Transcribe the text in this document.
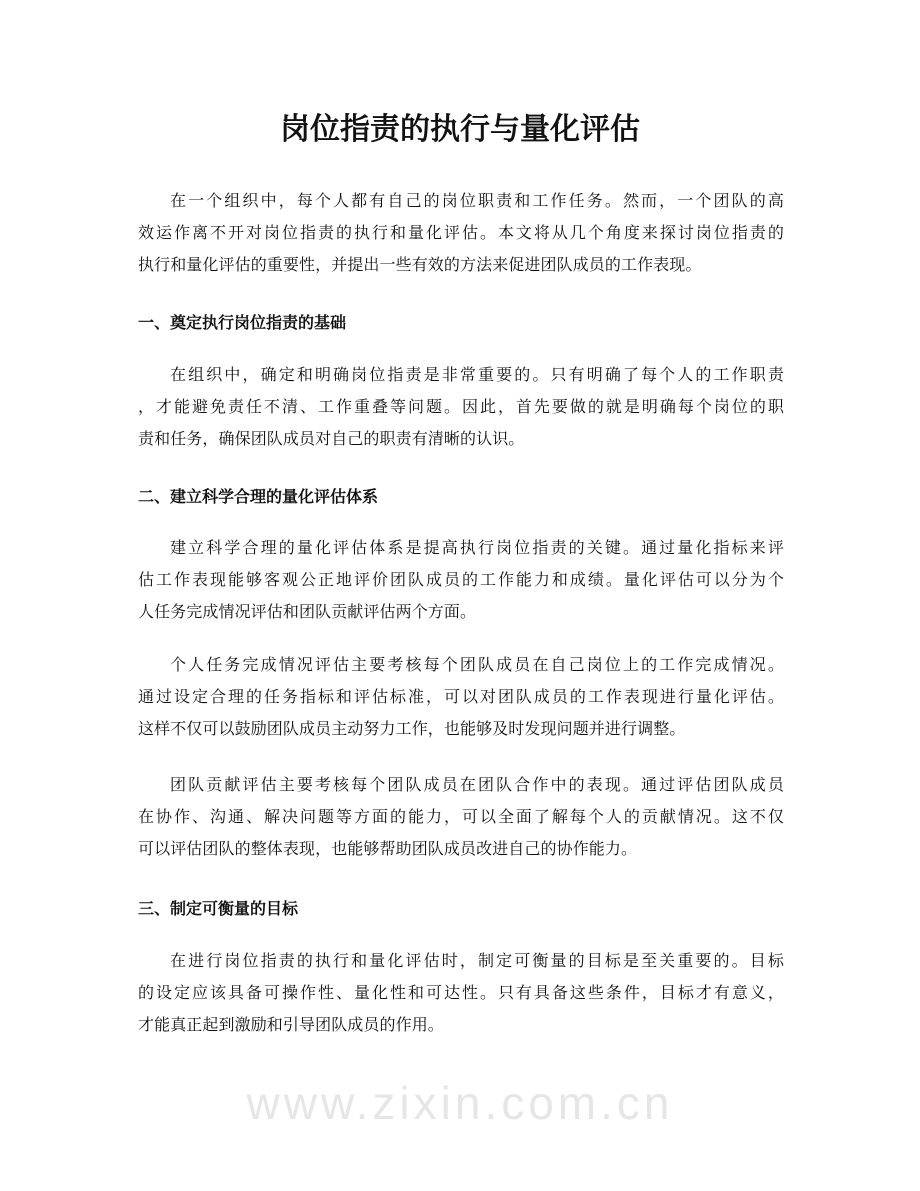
岗位指责的执行与量化评估
在一个组织中，每个人都有自己的岗位职责和工作任务。然而，一个团队的高
效运作离不开对岗位指责的执行和量化评估。本文将从几个角度来探讨岗位指责的
执行和量化评估的重要性，并提出一些有效的方法来促进团队成员的工作表现。
一、奠定执行岗位指责的基础
在组织中，确定和明确岗位指责是非常重要的。只有明确了每个人的工作职责
，才能避免责任不清、工作重叠等问题。因此，首先要做的就是明确每个岗位的职
责和任务，确保团队成员对自己的职责有清晰的认识。
二、建立科学合理的量化评估体系
建立科学合理的量化评估体系是提高执行岗位指责的关键。通过量化指标来评
估工作表现能够客观公正地评价团队成员的工作能力和成绩。量化评估可以分为个
人任务完成情况评估和团队贡献评估两个方面。
个人任务完成情况评估主要考核每个团队成员在自己岗位上的工作完成情况。
通过设定合理的任务指标和评估标准，可以对团队成员的工作表现进行量化评估。
这样不仅可以鼓励团队成员主动努力工作，也能够及时发现问题并进行调整。
团队贡献评估主要考核每个团队成员在团队合作中的表现。通过评估团队成员
在协作、沟通、解决问题等方面的能力，可以全面了解每个人的贡献情况。这不仅
可以评估团队的整体表现，也能够帮助团队成员改进自己的协作能力。
三、制定可衡量的目标
在进行岗位指责的执行和量化评估时，制定可衡量的目标是至关重要的。目标
的设定应该具备可操作性、量化性和可达性。只有具备这些条件，目标才有意义，
才能真正起到激励和引导团队成员的作用。
www.zixin.com.cn
